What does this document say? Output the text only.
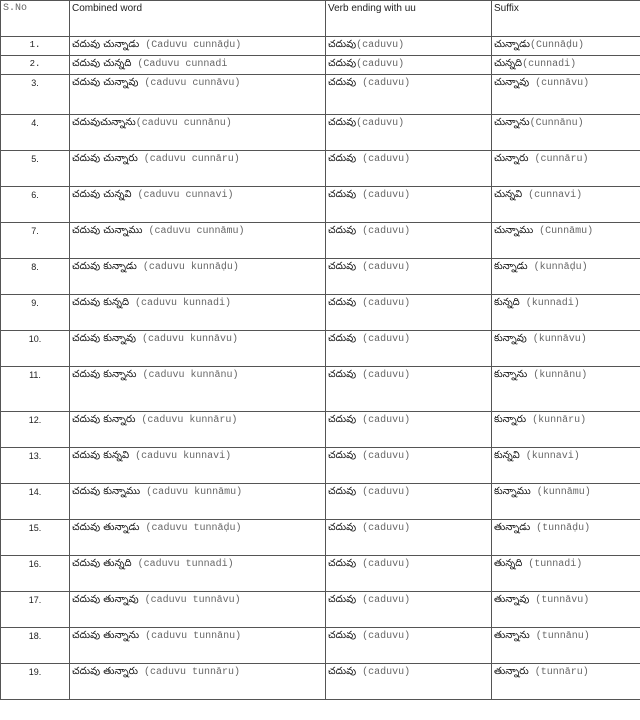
S.No	Combined word	Verb ending with uu	Suffix
1.	చదువు చున్నాడు (Caduvu cunnāḍu)	చదువు(caduvu)	చున్నాడు(Cunnāḍu)
2.	చదువు చున్నది (Caduvu cunnadi	చదువు(caduvu)	చున్నది(cunnadi)
3.	చదువు చున్నావు (caduvu cunnāvu)	చదువు (caduvu)	చున్నావు (cunnāvu)
4.	చదువుచున్నాను(caduvu cunnānu)	చదువు(caduvu)	చున్నాను(Cunnānu)
5.	చదువు చున్నారు (caduvu cunnāru)	చదువు (caduvu)	చున్నారు (cunnāru)
6.	చదువు చున్నవి (caduvu cunnavi)	చదువు (caduvu)	చున్నవి (cunnavi)
7.	చదువు చున్నాము (caduvu cunnāmu)	చదువు (caduvu)	చున్నాము (Cunnāmu)
8.	చదువు కున్నాడు (caduvu kunnāḍu)	చదువు (caduvu)	కున్నాడు (kunnāḍu)
9.	చదువు కున్నది (caduvu kunnadi)	చదువు (caduvu)	కున్నది (kunnadi)
10.	చదువు కున్నావు (caduvu kunnāvu)	చదువు (caduvu)	కున్నావు (kunnāvu)
11.	చదువు కున్నాను (caduvu kunnānu)	చదువు (caduvu)	కున్నాను (kunnānu)
12.	చదువు కున్నారు (caduvu kunnāru)	చదువు (caduvu)	కున్నారు (kunnāru)
13.	చదువు కున్నవి (caduvu kunnavi)	చదువు (caduvu)	కున్నవి (kunnavi)
14.	చదువు కున్నాము (caduvu kunnāmu)	చదువు (caduvu)	కున్నాము (kunnāmu)
15.	చదువు తున్నాడు (caduvu tunnāḍu)	చదువు (caduvu)	తున్నాడు (tunnāḍu)
16.	చదువు తున్నది (caduvu tunnadi)	చదువు (caduvu)	తున్నది (tunnadi)
17.	చదువు తున్నావు (caduvu tunnāvu)	చదువు (caduvu)	తున్నావు (tunnāvu)
18.	చదువు తున్నాను (caduvu tunnānu)	చదువు (caduvu)	తున్నాను (tunnānu)
19.	చదువు తున్నారు (caduvu tunnāru)	చదువు (caduvu)	తున్నారు (tunnāru)
